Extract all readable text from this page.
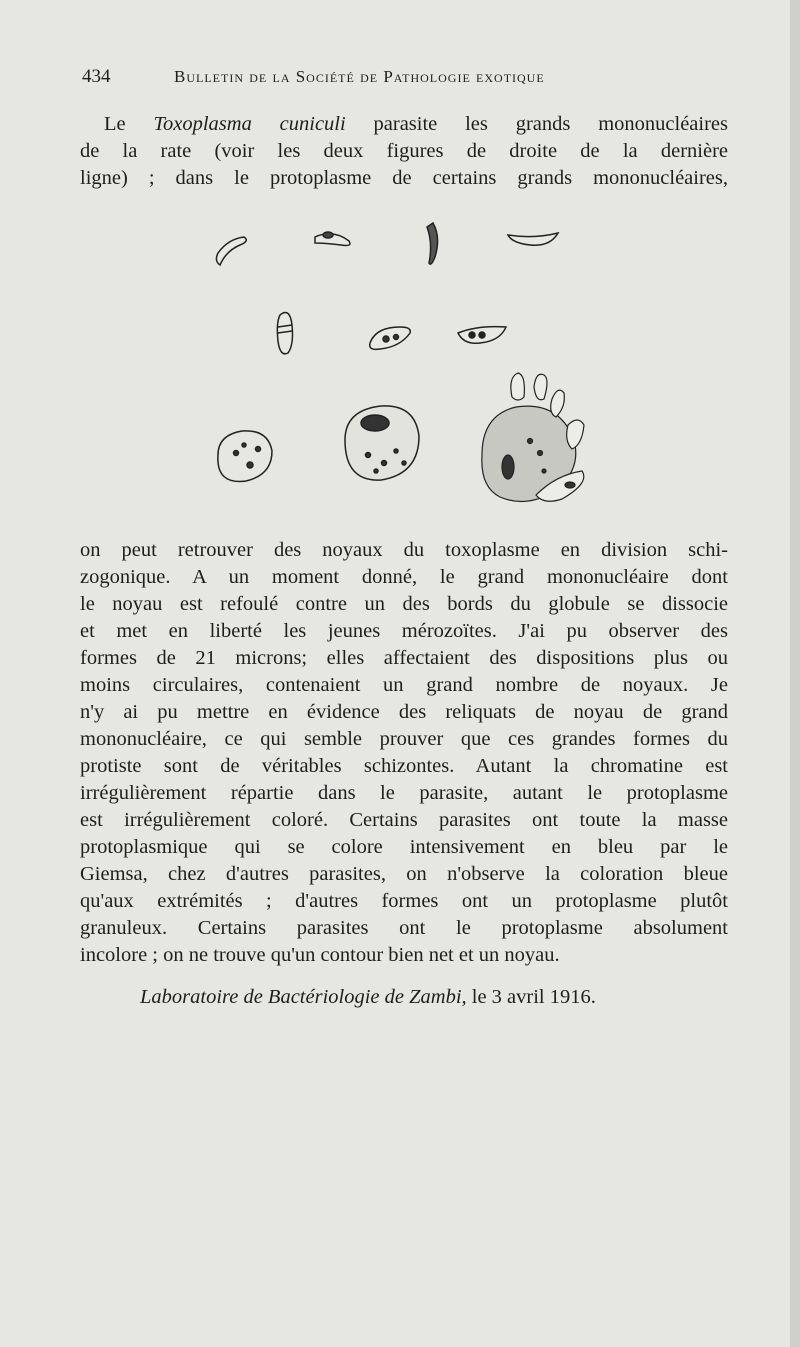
434	Bulletin de la Société de Pathologie exotique
Le Toxoplasma cuniculi parasite les grands mononucléaires
de la rate (voir les deux figures de droite de la dernière
ligne) ; dans le protoplasme de certains grands mononucléaires,
on peut retrouver des noyaux du toxoplasme en division schi-
zogonique. A un moment donné, le grand mononucléaire dont
le noyau est refoulé contre un des bords du globule se dissocie
et met en liberté les jeunes mérozoïtes. J'ai pu observer des
formes de 21 microns; elles affectaient des dispositions plus ou
moins circulaires, contenaient un grand nombre de noyaux. Je
n'y ai pu mettre en évidence des reliquats de noyau de grand
mononucléaire, ce qui semble prouver que ces grandes formes du
protiste sont de véritables schizontes. Autant la chromatine est
irrégulièrement répartie dans le parasite, autant le protoplasme
est irrégulièrement coloré. Certains parasites ont toute la masse
protoplasmique qui se colore intensivement en bleu par le
Giemsa, chez d'autres parasites, on n'observe la coloration bleue
qu'aux extrémités ; d'autres formes ont un protoplasme plutôt
granuleux. Certains parasites ont le protoplasme absolument
incolore ; on ne trouve qu'un contour bien net et un noyau.
Laboratoire de Bactériologie de Zambi, le 3 avril 1916.
